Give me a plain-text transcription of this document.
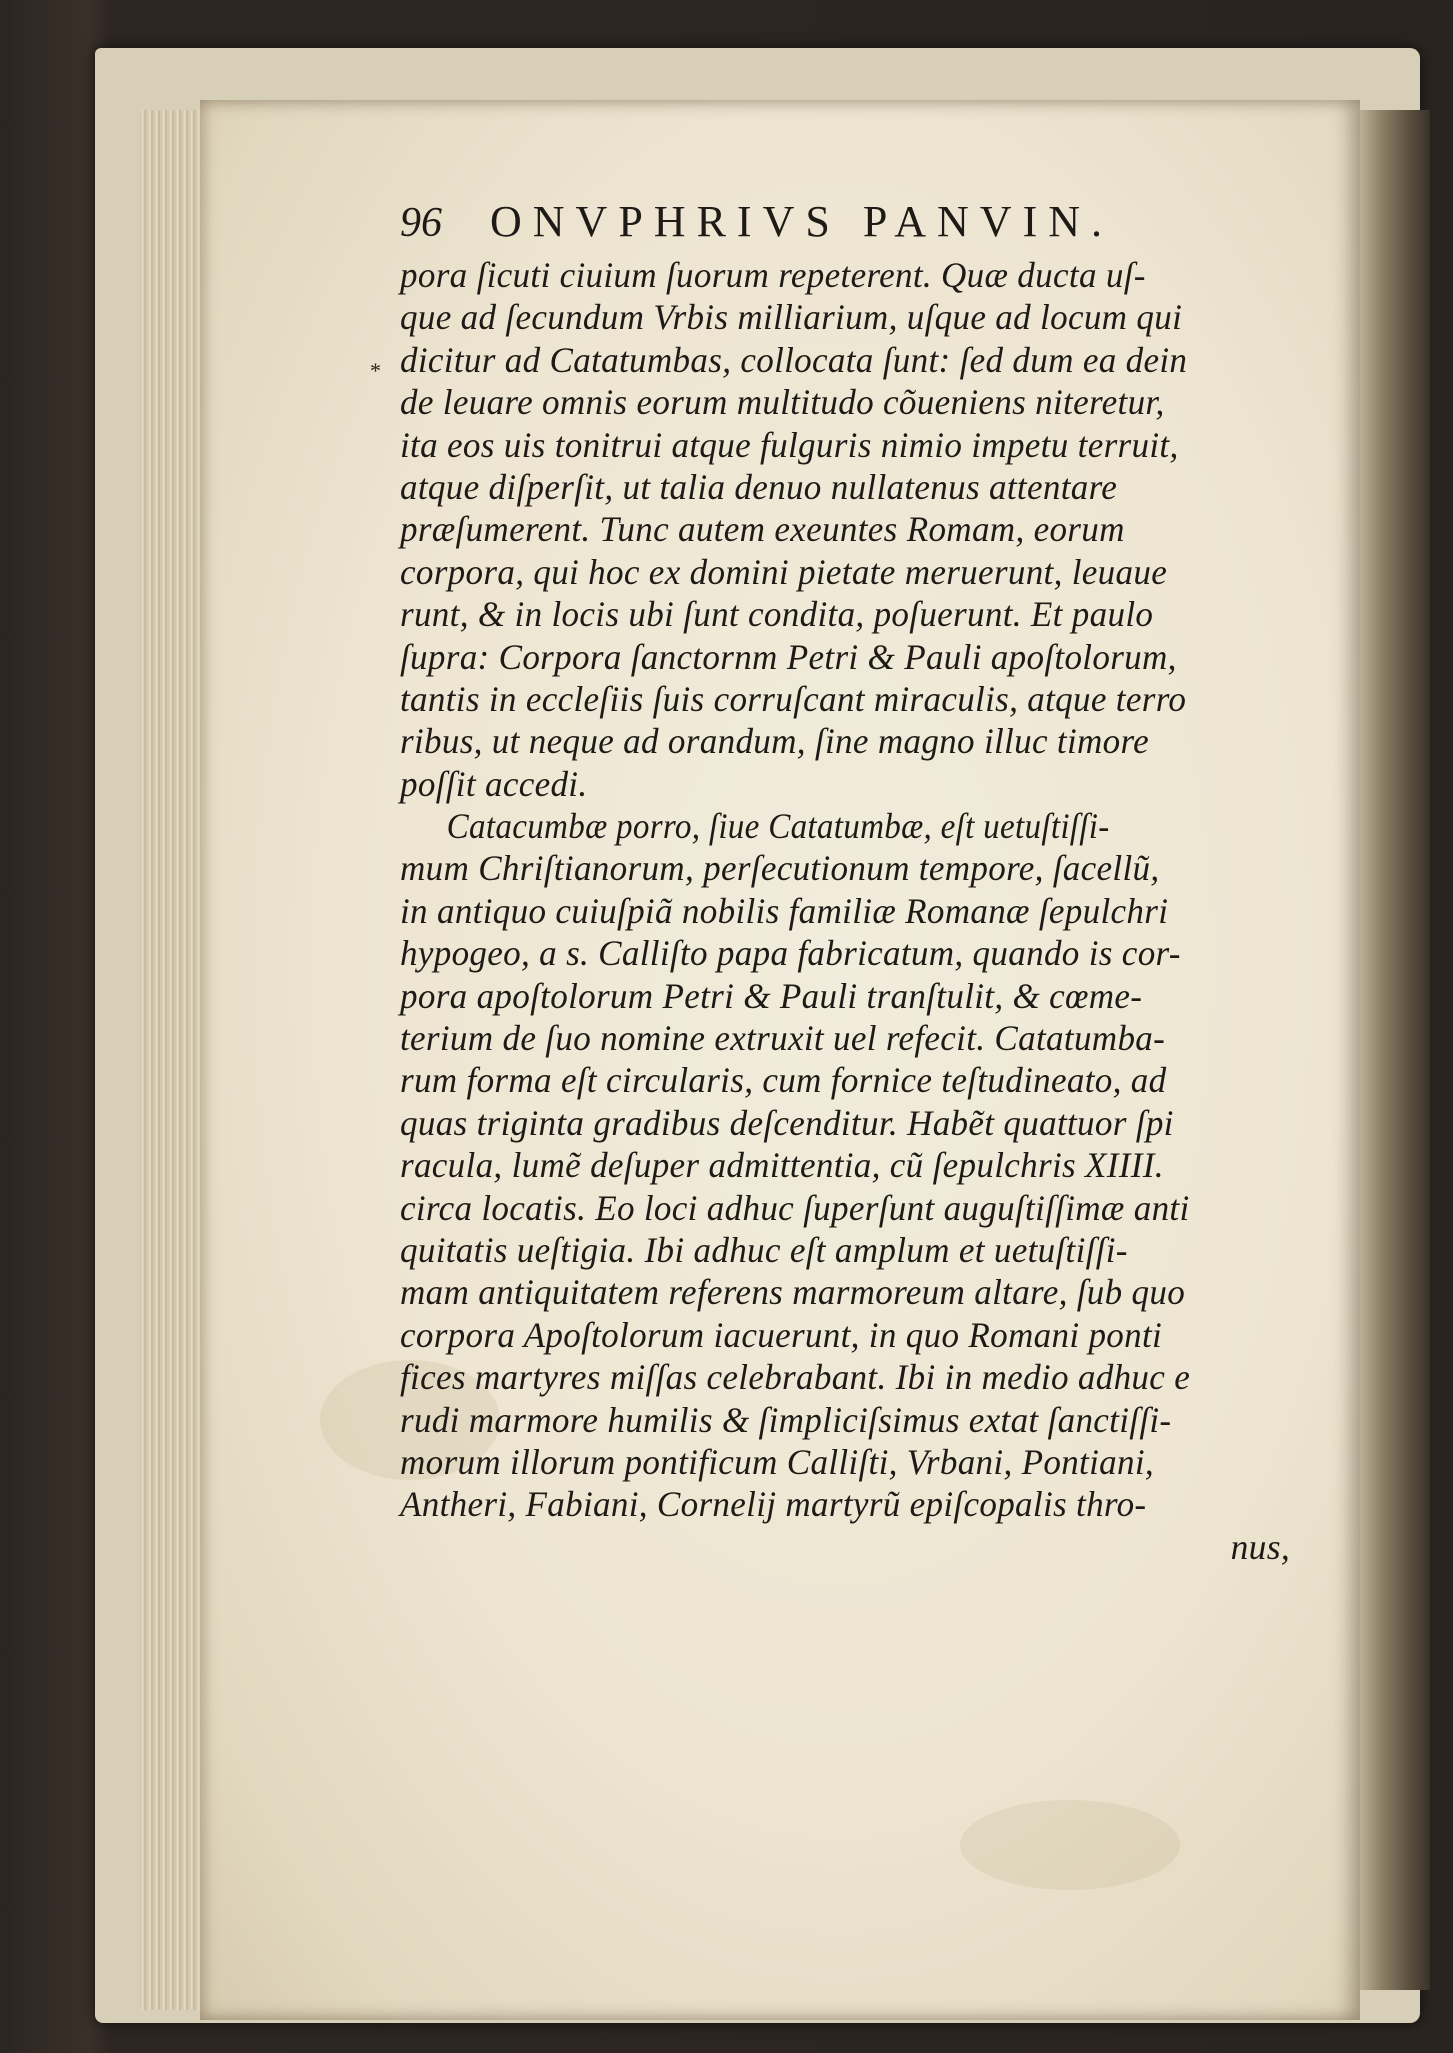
*
96	ONVPHRIVS PANVIN.
pora ſicuti ciuium ſuorum repeterent. Quæ ducta uſ-
que ad ſecundum Vrbis milliarium, uſque ad locum qui
dicitur ad Catatumbas, collocata ſunt: ſed dum ea dein
de leuare omnis eorum multitudo cõueniens niteretur,
ita eos uis tonitrui atque fulguris nimio impetu terruit,
atque diſperſit, ut talia denuo nullatenus attentare
præſumerent. Tunc autem exeuntes Romam, eorum
corpora, qui hoc ex domini pietate meruerunt, leuaue
runt, & in locis ubi ſunt condita, poſuerunt. Et paulo
ſupra: Corpora ſanctornm Petri & Pauli apoſtolorum,
tantis in eccleſiis ſuis corruſcant miraculis, atque terro
ribus, ut neque ad orandum, ſine magno illuc timore
poſſit accedi.
Catacumbæ porro, ſiue Catatumbæ, eſt uetuſtiſſi-
mum Chriſtianorum, perſecutionum tempore, ſacellũ,
in antiquo cuiuſpiã nobilis familiæ Romanæ ſepulchri
hypogeo, a s. Calliſto papa fabricatum, quando is cor-
pora apoſtolorum Petri & Pauli tranſtulit, & cœme-
terium de ſuo nomine extruxit uel refecit. Catatumba-
rum forma eſt circularis, cum fornice teſtudineato, ad
quas triginta gradibus deſcenditur. Habẽt quattuor ſpi
racula, lumẽ deſuper admittentia, cũ ſepulchris XIIII.
circa locatis. Eo loci adhuc ſuperſunt auguſtiſſimæ anti
quitatis ueſtigia. Ibi adhuc eſt amplum et uetuſtiſſi-
mam antiquitatem referens marmoreum altare, ſub quo
corpora Apoſtolorum iacuerunt, in quo Romani ponti
fices martyres miſſas celebrabant. Ibi in medio adhuc e
rudi marmore humilis & ſimpliciſsimus extat ſanctiſſi-
morum illorum pontificum Calliſti, Vrbani, Pontiani,
Antheri, Fabiani, Cornelij martyrũ epiſcopalis thro-
nus,
